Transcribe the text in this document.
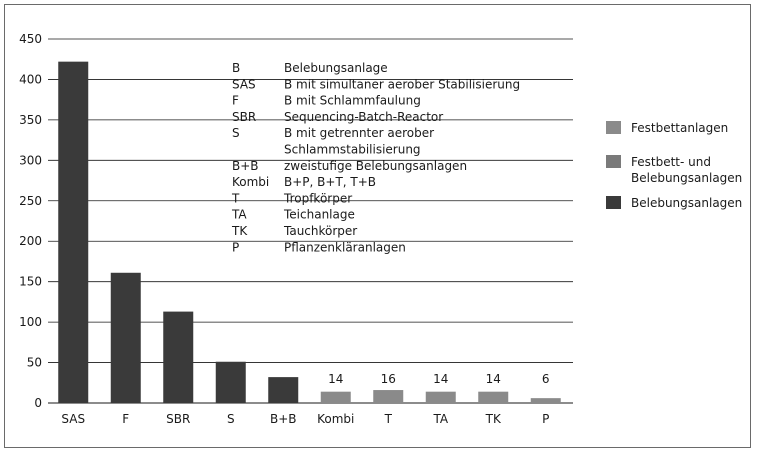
0
50
100
150
200
250
300
350
400
450
SAS	F	SBR	S	B+B Kombi
14
T
16
TA
14
TK
14
P
6
B	Belebungsanlage
SAS B mit simultaner aerober Stabilisierung
F	B mit Schlammfaulung
SBR Sequencing-Batch-Reactor
S	B mit getrennter aerober
Schlammstabilisierung
B+B zweistufige Belebungsanlagen
Kombi B+P, B+T, T+B
T	Tropfkörper
TA	Teichanlage
TK	Tauchkörper
P	Pflanzenkläranlagen
Festbettanlagen
Festbett- und
Belebungsanlagen
Belebungsanlagen
